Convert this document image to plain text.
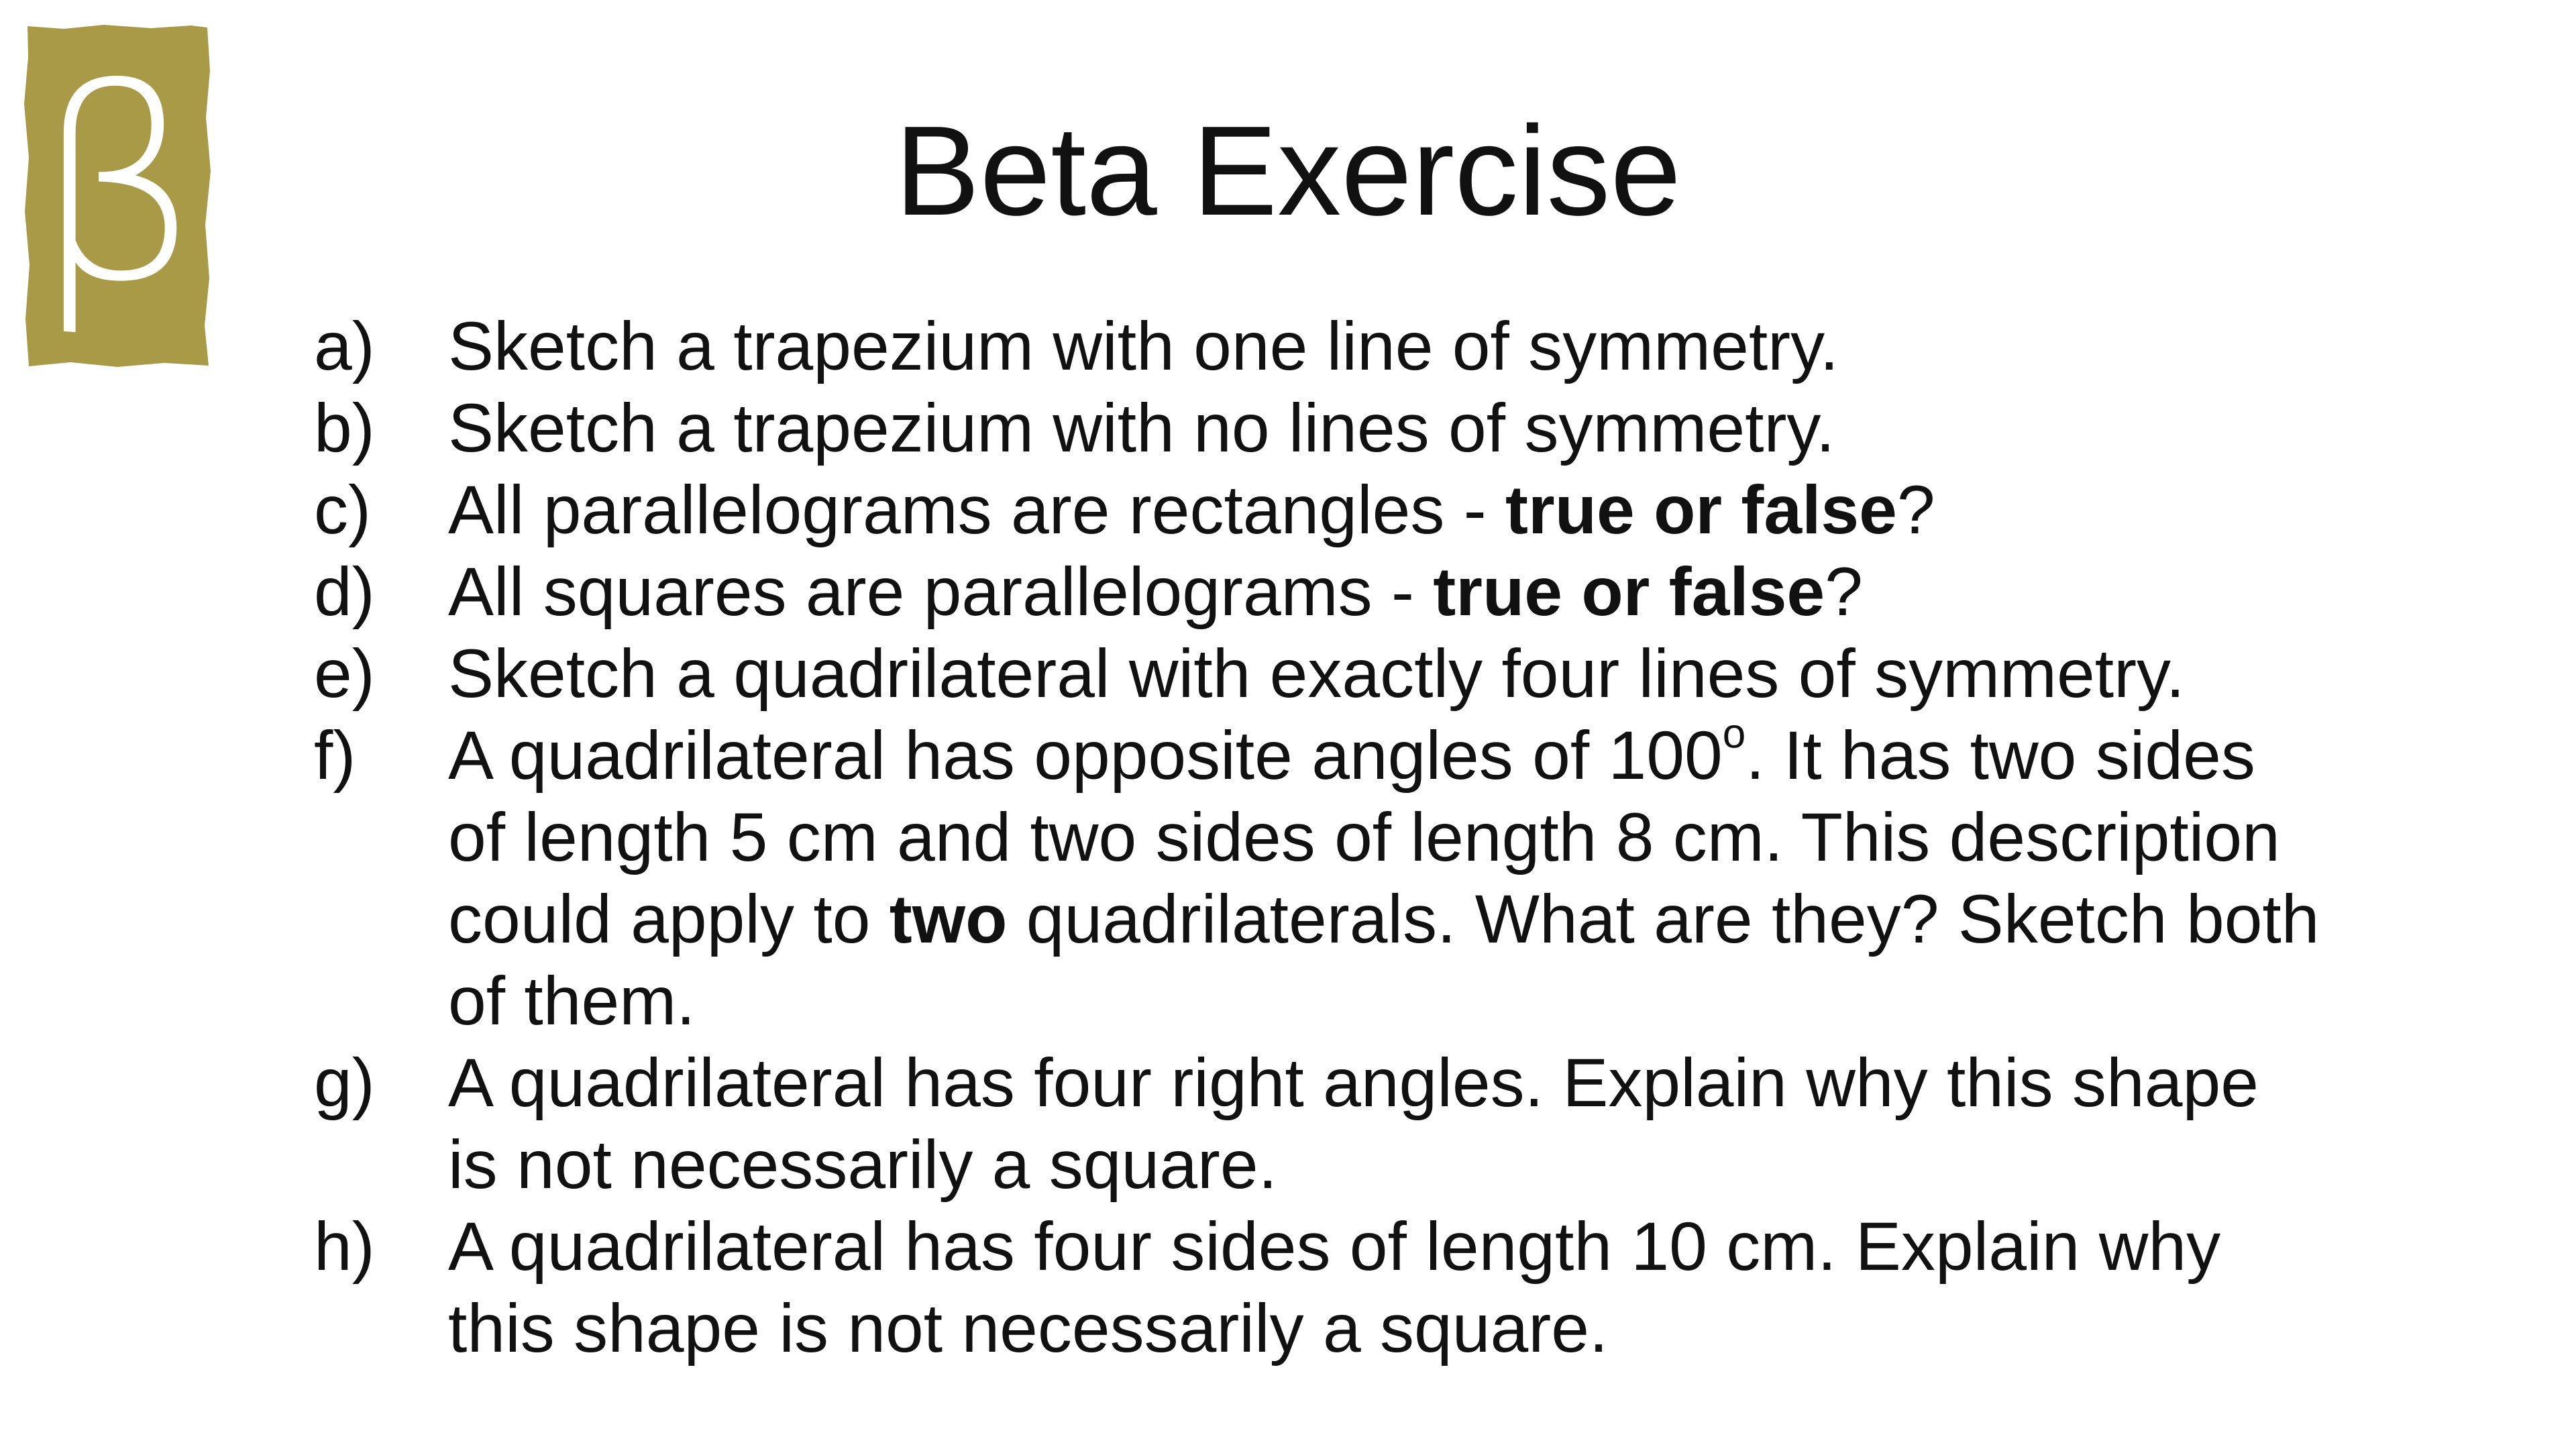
β	Beta Exercise
a) Sketch a trapezium with one line of symmetry.
b) Sketch a trapezium with no lines of symmetry.
c) All parallelograms are rectangles - true or false?
d) All squares are parallelograms - true or false?
e) Sketch a quadrilateral with exactly four lines of symmetry.
f) A quadrilateral has opposite angles of 100$^o$. It has two sides of length 5 cm and two sides of length 8 cm. This description could apply to two quadrilaterals. What are they? Sketch both of them.
g) A quadrilateral has four right angles. Explain why this shape is not necessarily a square.
h) A quadrilateral has four sides of length 10 cm. Explain why this shape is not necessarily a square.
